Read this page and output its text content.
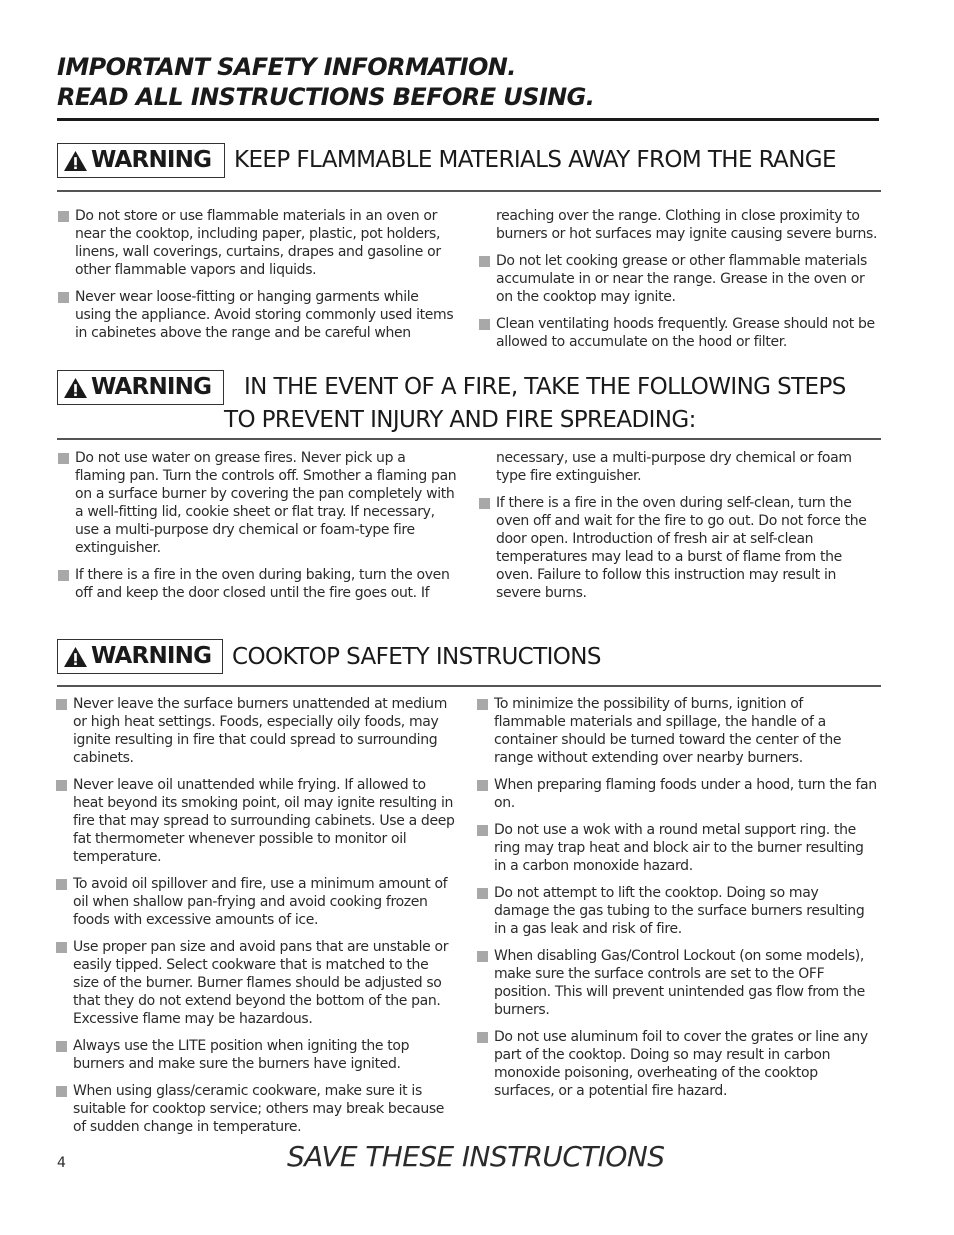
IMPORTANT SAFETY INFORMATION.
READ ALL INSTRUCTIONS BEFORE USING.
WARNING KEEP FLAMMABLE MATERIALS AWAY FROM THE RANGE
Do not store or use flammable materials in an oven or near the cooktop, including paper, plastic, pot holders, linens, wall coverings, curtains, drapes and gasoline or other flammable vapors and liquids.
Never wear loose-fitting or hanging garments while using the appliance. Avoid storing commonly used items in cabinetes above the range and be careful when
reaching over the range. Clothing in close proximity to burners or hot surfaces may ignite causing severe burns.
Do not let cooking grease or other flammable materials accumulate in or near the range. Grease in the oven or on the cooktop may ignite.
Clean ventilating hoods frequently. Grease should not be allowed to accumulate on the hood or filter.
WARNING IN THE EVENT OF A FIRE, TAKE THE FOLLOWING STEPS
TO PREVENT INJURY AND FIRE SPREADING:
Do not use water on grease fires. Never pick up a flaming pan. Turn the controls off. Smother a flaming pan on a surface burner by covering the pan completely with a well-fitting lid, cookie sheet or flat tray. If necessary, use a multi-purpose dry chemical or foam-type fire extinguisher.
If there is a fire in the oven during baking, turn the oven off and keep the door closed until the fire goes out. If
necessary, use a multi-purpose dry chemical or foam type fire extinguisher.
If there is a fire in the oven during self-clean, turn the oven off and wait for the fire to go out. Do not force the door open. Introduction of fresh air at self-clean temperatures may lead to a burst of flame from the oven. Failure to follow this instruction may result in severe burns.
WARNING COOKTOP SAFETY INSTRUCTIONS
Never leave the surface burners unattended at medium or high heat settings. Foods, especially oily foods, may ignite resulting in fire that could spread to surrounding cabinets.
Never leave oil unattended while frying. If allowed to heat beyond its smoking point, oil may ignite resulting in fire that may spread to surrounding cabinets. Use a deep fat thermometer whenever possible to monitor oil temperature.
To avoid oil spillover and fire, use a minimum amount of oil when shallow pan-frying and avoid cooking frozen foods with excessive amounts of ice.
Use proper pan size and avoid pans that are unstable or easily tipped. Select cookware that is matched to the size of the burner. Burner flames should be adjusted so that they do not extend beyond the bottom of the pan. Excessive flame may be hazardous.
Always use the LITE position when igniting the top burners and make sure the burners have ignited.
When using glass/ceramic cookware, make sure it is suitable for cooktop service; others may break because of sudden change in temperature.
To minimize the possibility of burns, ignition of flammable materials and spillage, the handle of a container should be turned toward the center of the range without extending over nearby burners.
When preparing flaming foods under a hood, turn the fan on.
Do not use a wok with a round metal support ring. the ring may trap heat and block air to the burner resulting in a carbon monoxide hazard.
Do not attempt to lift the cooktop. Doing so may damage the gas tubing to the surface burners resulting in a gas leak and risk of fire.
When disabling Gas/Control Lockout (on some models), make sure the surface controls are set to the OFF position. This will prevent unintended gas flow from the burners.
Do not use aluminum foil to cover the grates or line any part of the cooktop. Doing so may result in carbon monoxide poisoning, overheating of the cooktop surfaces, or a potential fire hazard.
4	SAVE THESE INSTRUCTIONS
